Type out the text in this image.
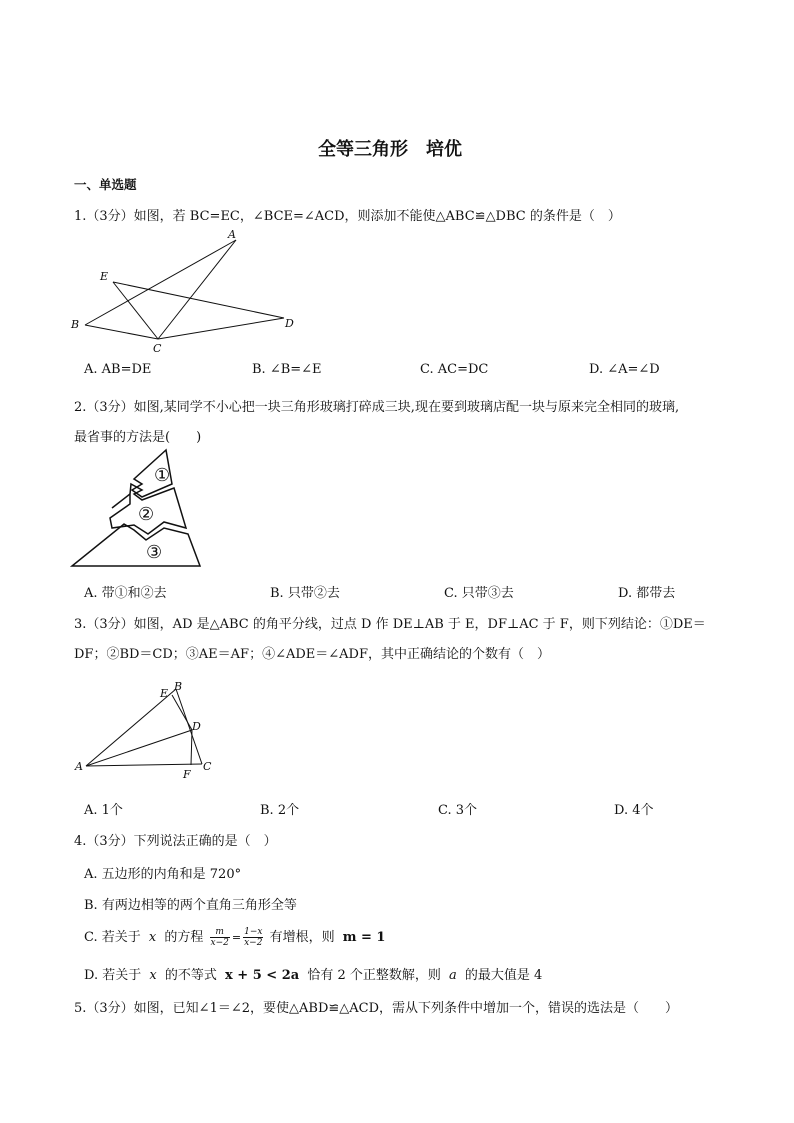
全等三角形　培优
一、单选题
1.（3分）如图，若 BC=EC，∠BCE=∠ACD，则添加不能使△ABC≌△DBC 的条件是（　）
A
E
B
C
D
A. AB=DE	B. ∠B=∠E	C. AC=DC	D. ∠A=∠D
2.（3分）如图,某同学不小心把一块三角形玻璃打碎成三块,现在要到玻璃店配一块与原来完全相同的玻璃,
最省事的方法是(　　)
①
②
③
A. 带①和②去	B. 只带②去	C. 只带③去	D. 都带去
3.（3分）如图，AD 是△ABC 的角平分线，过点 D 作 DE⊥AB 于 E，DF⊥AC 于 F，则下列结论：①DE＝
DF；②BD＝CD；③AE＝AF；④∠ADE＝∠ADF，其中正确结论的个数有（　）
E
B
D
A
F
C
A. 1个	B. 2个	C. 3个	D. 4个
4.（3分）下列说法正确的是（　）
A. 五边形的内角和是 720°
B. 有两边相等的两个直角三角形全等
C. 若关于 x 的方程 $\frac{m}{x-2} = \frac{1-x}{x-2}$ 有增根，则 m = 1
D. 若关于 x 的不等式 x + 5 < 2a 恰有 2 个正整数解，则 a 的最大值是 4
5.（3分）如图，已知∠1＝∠2，要使△ABD≌△ACD，需从下列条件中增加一个，错误的选法是（　　）
